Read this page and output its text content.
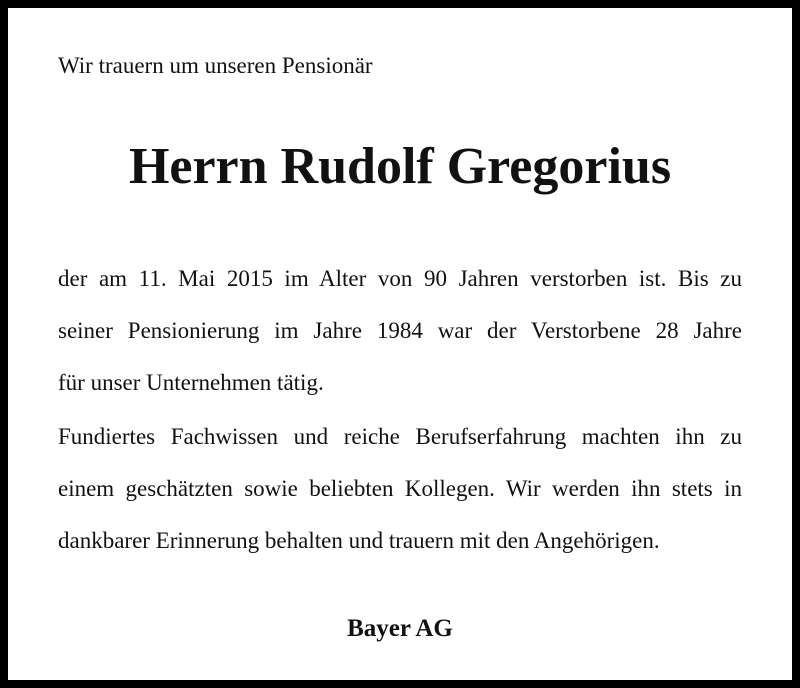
Wir trauern um unseren Pensionär
Herrn Rudolf Gregorius
der am 11. Mai 2015 im Alter von 90 Jahren verstorben ist. Bis zu
seiner Pensionierung im Jahre 1984 war der Verstorbene 28 Jahre
für unser Unternehmen tätig.
Fundiertes Fachwissen und reiche Berufserfahrung machten ihn zu
einem geschätzten sowie beliebten Kollegen. Wir werden ihn stets in
dankbarer Erinnerung behalten und trauern mit den Angehörigen.
Bayer AG
